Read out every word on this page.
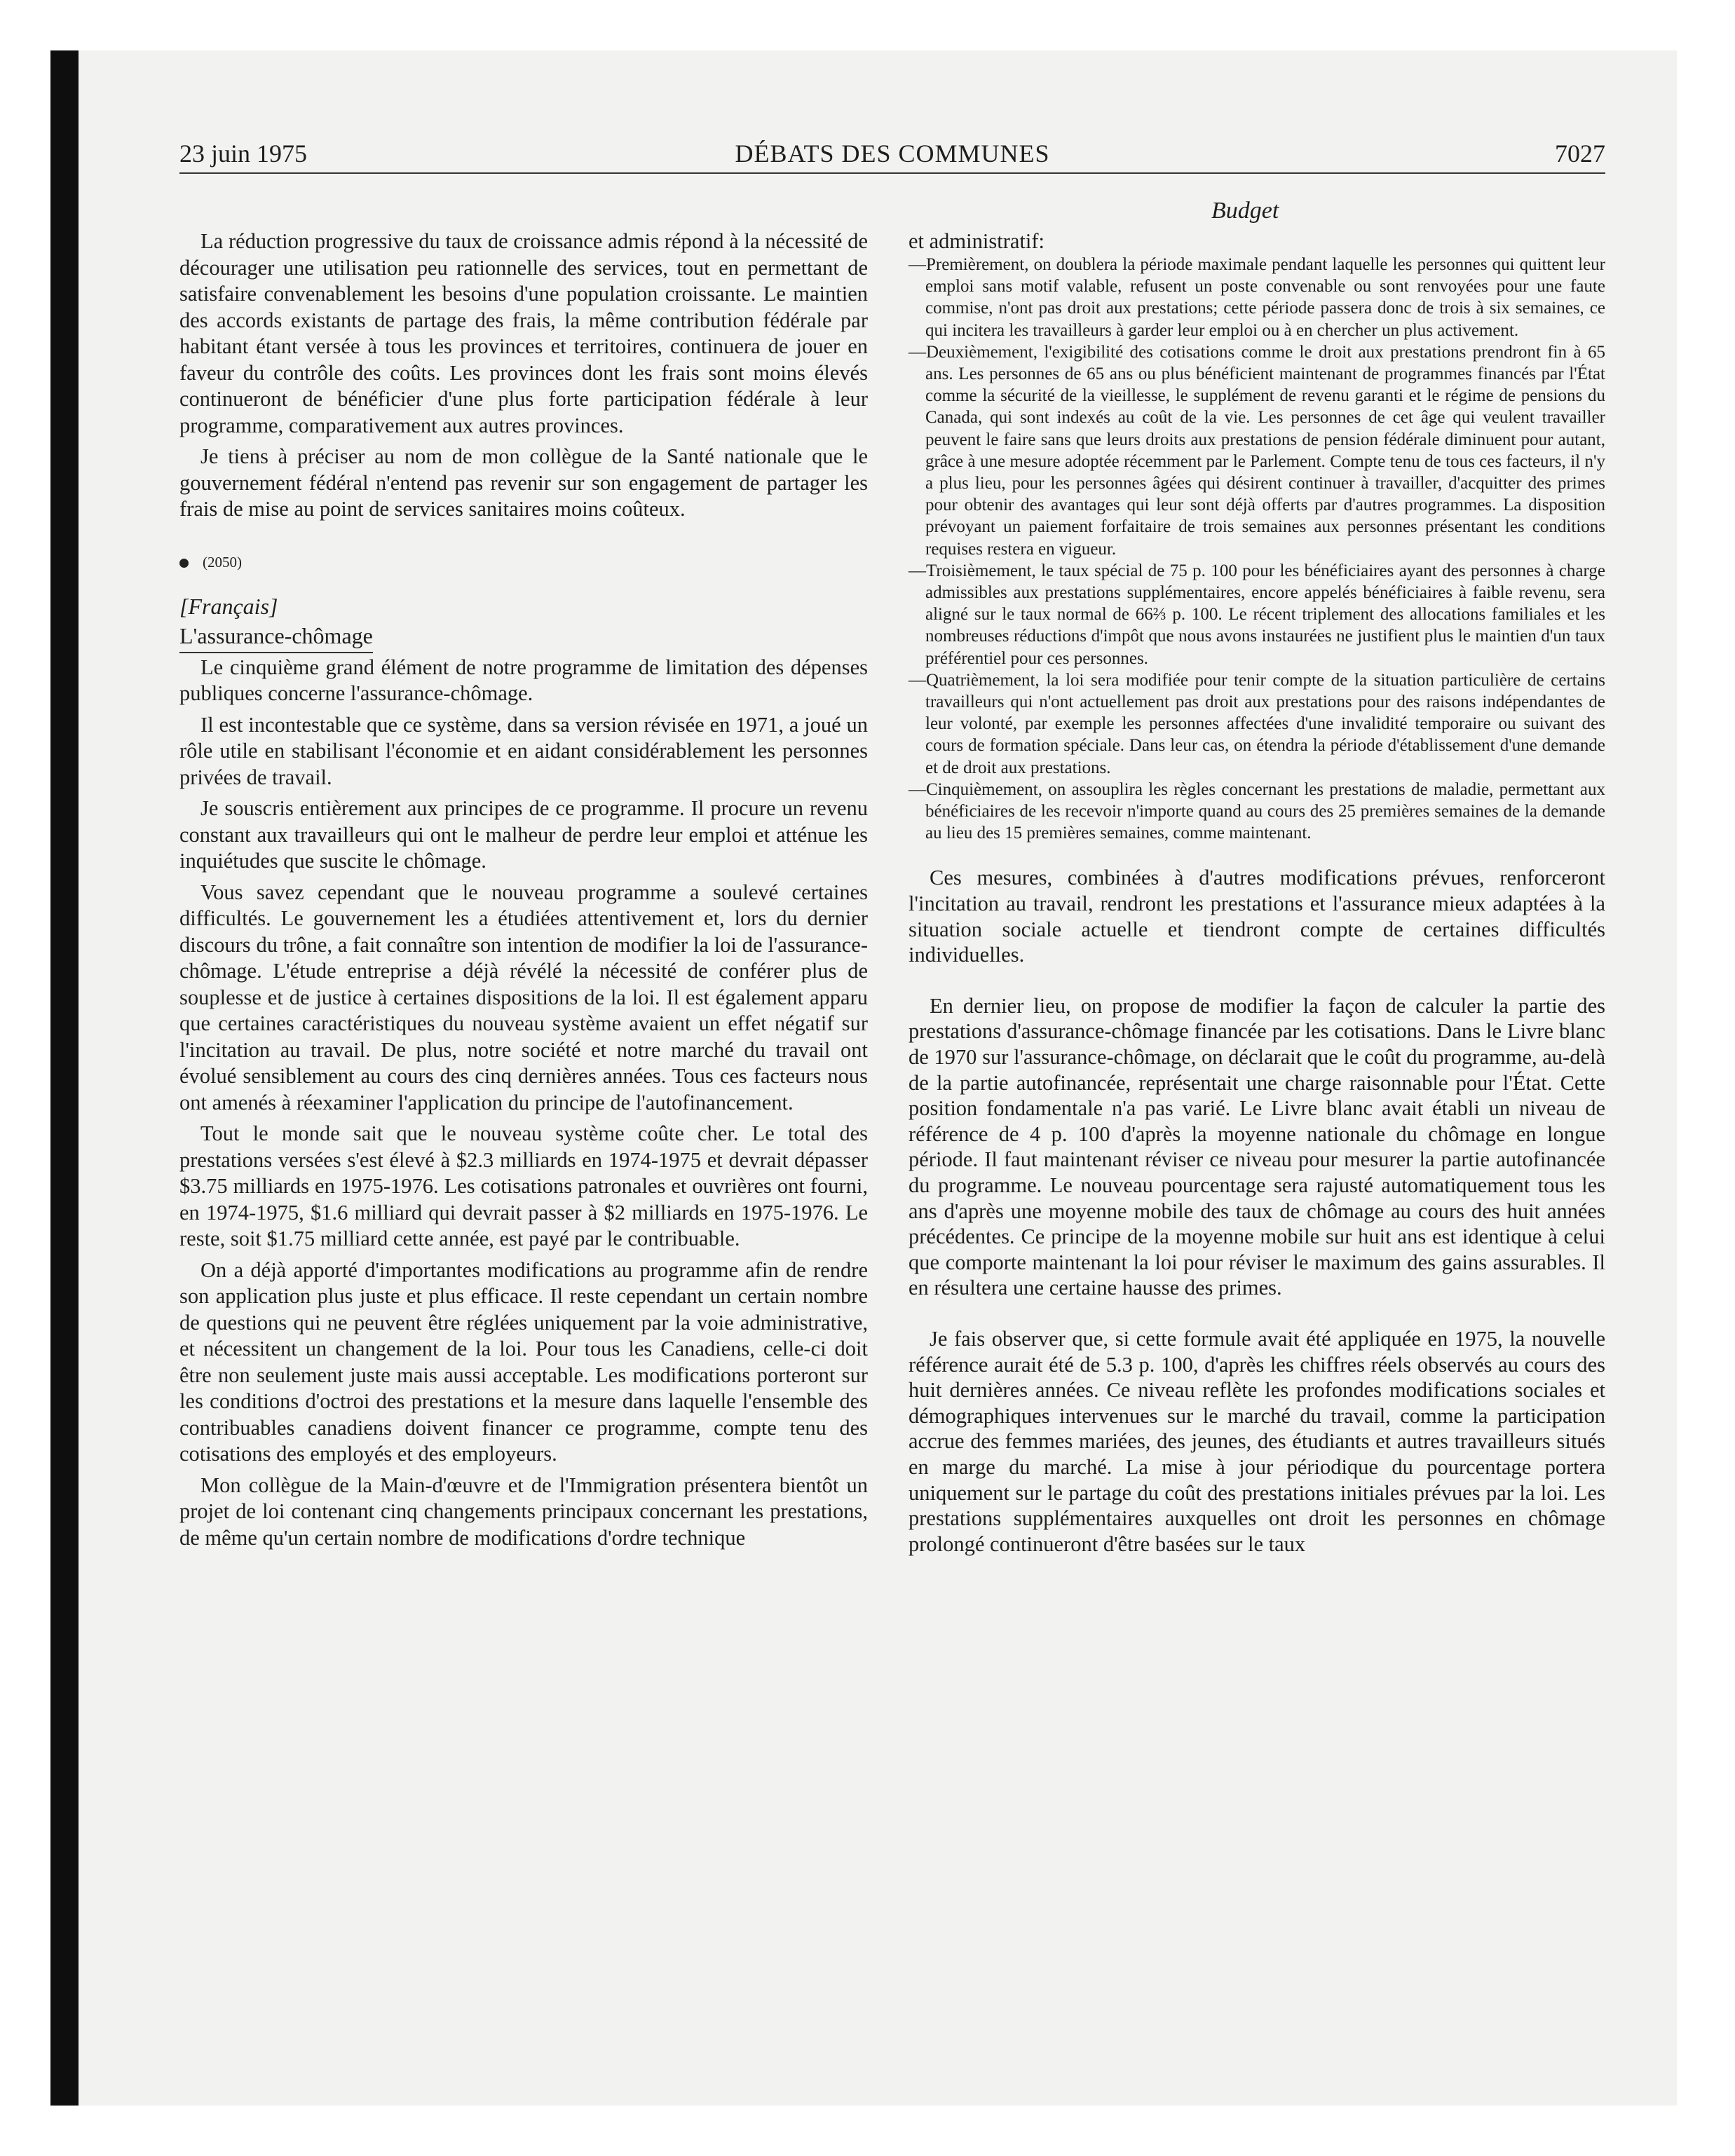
23 juin 1975	DÉBATS DES COMMUNES	7027
Budget

La réduction progressive du taux de croissance admis répond à la nécessité de décourager une utilisation peu rationnelle des services, tout en permettant de satisfaire convenablement les besoins d'une population croissante. Le maintien des accords existants de partage des frais, la même contribution fédérale par habitant étant versée à tous les provinces et territoires, continuera de jouer en faveur du contrôle des coûts. Les provinces dont les frais sont moins élevés continueront de bénéficier d'une plus forte participation fédérale à leur programme, comparativement aux autres provinces.

Je tiens à préciser au nom de mon collègue de la Santé nationale que le gouvernement fédéral n'entend pas revenir sur son engagement de partager les frais de mise au point de services sanitaires moins coûteux.

(2050)

[Français]

L'assurance-chômage

Le cinquième grand élément de notre programme de limitation des dépenses publiques concerne l'assurance-chômage.

Il est incontestable que ce système, dans sa version révisée en 1971, a joué un rôle utile en stabilisant l'économie et en aidant considérablement les personnes privées de travail.

Je souscris entièrement aux principes de ce programme. Il procure un revenu constant aux travailleurs qui ont le malheur de perdre leur emploi et atténue les inquiétudes que suscite le chômage.

Vous savez cependant que le nouveau programme a soulevé certaines difficultés. Le gouvernement les a étudiées attentivement et, lors du dernier discours du trône, a fait connaître son intention de modifier la loi de l'assurance-chômage. L'étude entreprise a déjà révélé la nécessité de conférer plus de souplesse et de justice à certaines dispositions de la loi. Il est également apparu que certaines caractéristiques du nouveau système avaient un effet négatif sur l'incitation au travail. De plus, notre société et notre marché du travail ont évolué sensiblement au cours des cinq dernières années. Tous ces facteurs nous ont amenés à réexaminer l'application du principe de l'autofinancement.

Tout le monde sait que le nouveau système coûte cher. Le total des prestations versées s'est élevé à $2.3 milliards en 1974-1975 et devrait dépasser $3.75 milliards en 1975-1976. Les cotisations patronales et ouvrières ont fourni, en 1974-1975, $1.6 milliard qui devrait passer à $2 milliards en 1975-1976. Le reste, soit $1.75 milliard cette année, est payé par le contribuable.

On a déjà apporté d'importantes modifications au programme afin de rendre son application plus juste et plus efficace. Il reste cependant un certain nombre de questions qui ne peuvent être réglées uniquement par la voie administrative, et nécessitent un changement de la loi. Pour tous les Canadiens, celle-ci doit être non seulement juste mais aussi acceptable. Les modifications porteront sur les conditions d'octroi des prestations et la mesure dans laquelle l'ensemble des contribuables canadiens doivent financer ce programme, compte tenu des cotisations des employés et des employeurs.

Mon collègue de la Main-d'œuvre et de l'Immigration présentera bientôt un projet de loi contenant cinq changements principaux concernant les prestations, de même qu'un certain nombre de modifications d'ordre technique

et administratif:

—Premièrement, on doublera la période maximale pendant laquelle les personnes qui quittent leur emploi sans motif valable, refusent un poste convenable ou sont renvoyées pour une faute commise, n'ont pas droit aux prestations; cette période passera donc de trois à six semaines, ce qui incitera les travailleurs à garder leur emploi ou à en chercher un plus activement.

—Deuxièmement, l'exigibilité des cotisations comme le droit aux prestations prendront fin à 65 ans. Les personnes de 65 ans ou plus bénéficient maintenant de programmes financés par l'État comme la sécurité de la vieillesse, le supplément de revenu garanti et le régime de pensions du Canada, qui sont indexés au coût de la vie. Les personnes de cet âge qui veulent travailler peuvent le faire sans que leurs droits aux prestations de pension fédérale diminuent pour autant, grâce à une mesure adoptée récemment par le Parlement. Compte tenu de tous ces facteurs, il n'y a plus lieu, pour les personnes âgées qui désirent continuer à travailler, d'acquitter des primes pour obtenir des avantages qui leur sont déjà offerts par d'autres programmes. La disposition prévoyant un paiement forfaitaire de trois semaines aux personnes présentant les conditions requises restera en vigueur.

—Troisièmement, le taux spécial de 75 p. 100 pour les bénéficiaires ayant des personnes à charge admissibles aux prestations supplémentaires, encore appelés bénéficiaires à faible revenu, sera aligné sur le taux normal de 66⅔ p. 100. Le récent triplement des allocations familiales et les nombreuses réductions d'impôt que nous avons instaurées ne justifient plus le maintien d'un taux préférentiel pour ces personnes.

—Quatrièmement, la loi sera modifiée pour tenir compte de la situation particulière de certains travailleurs qui n'ont actuellement pas droit aux prestations pour des raisons indépendantes de leur volonté, par exemple les personnes affectées d'une invalidité temporaire ou suivant des cours de formation spéciale. Dans leur cas, on étendra la période d'établissement d'une demande et de droit aux prestations.

—Cinquièmement, on assouplira les règles concernant les prestations de maladie, permettant aux bénéficiaires de les recevoir n'importe quand au cours des 25 premières semaines de la demande au lieu des 15 premières semaines, comme maintenant.

Ces mesures, combinées à d'autres modifications prévues, renforceront l'incitation au travail, rendront les prestations et l'assurance mieux adaptées à la situation sociale actuelle et tiendront compte de certaines difficultés individuelles.

En dernier lieu, on propose de modifier la façon de calculer la partie des prestations d'assurance-chômage financée par les cotisations. Dans le Livre blanc de 1970 sur l'assurance-chômage, on déclarait que le coût du programme, au-delà de la partie autofinancée, représentait une charge raisonnable pour l'État. Cette position fondamentale n'a pas varié. Le Livre blanc avait établi un niveau de référence de 4 p. 100 d'après la moyenne nationale du chômage en longue période. Il faut maintenant réviser ce niveau pour mesurer la partie autofinancée du programme. Le nouveau pourcentage sera rajusté automatiquement tous les ans d'après une moyenne mobile des taux de chômage au cours des huit années précédentes. Ce principe de la moyenne mobile sur huit ans est identique à celui que comporte maintenant la loi pour réviser le maximum des gains assurables. Il en résultera une certaine hausse des primes.

Je fais observer que, si cette formule avait été appliquée en 1975, la nouvelle référence aurait été de 5.3 p. 100, d'après les chiffres réels observés au cours des huit dernières années. Ce niveau reflète les profondes modifications sociales et démographiques intervenues sur le marché du travail, comme la participation accrue des femmes mariées, des jeunes, des étudiants et autres travailleurs situés en marge du marché. La mise à jour périodique du pourcentage portera uniquement sur le partage du coût des prestations initiales prévues par la loi. Les prestations supplémentaires auxquelles ont droit les personnes en chômage prolongé continueront d'être basées sur le taux
